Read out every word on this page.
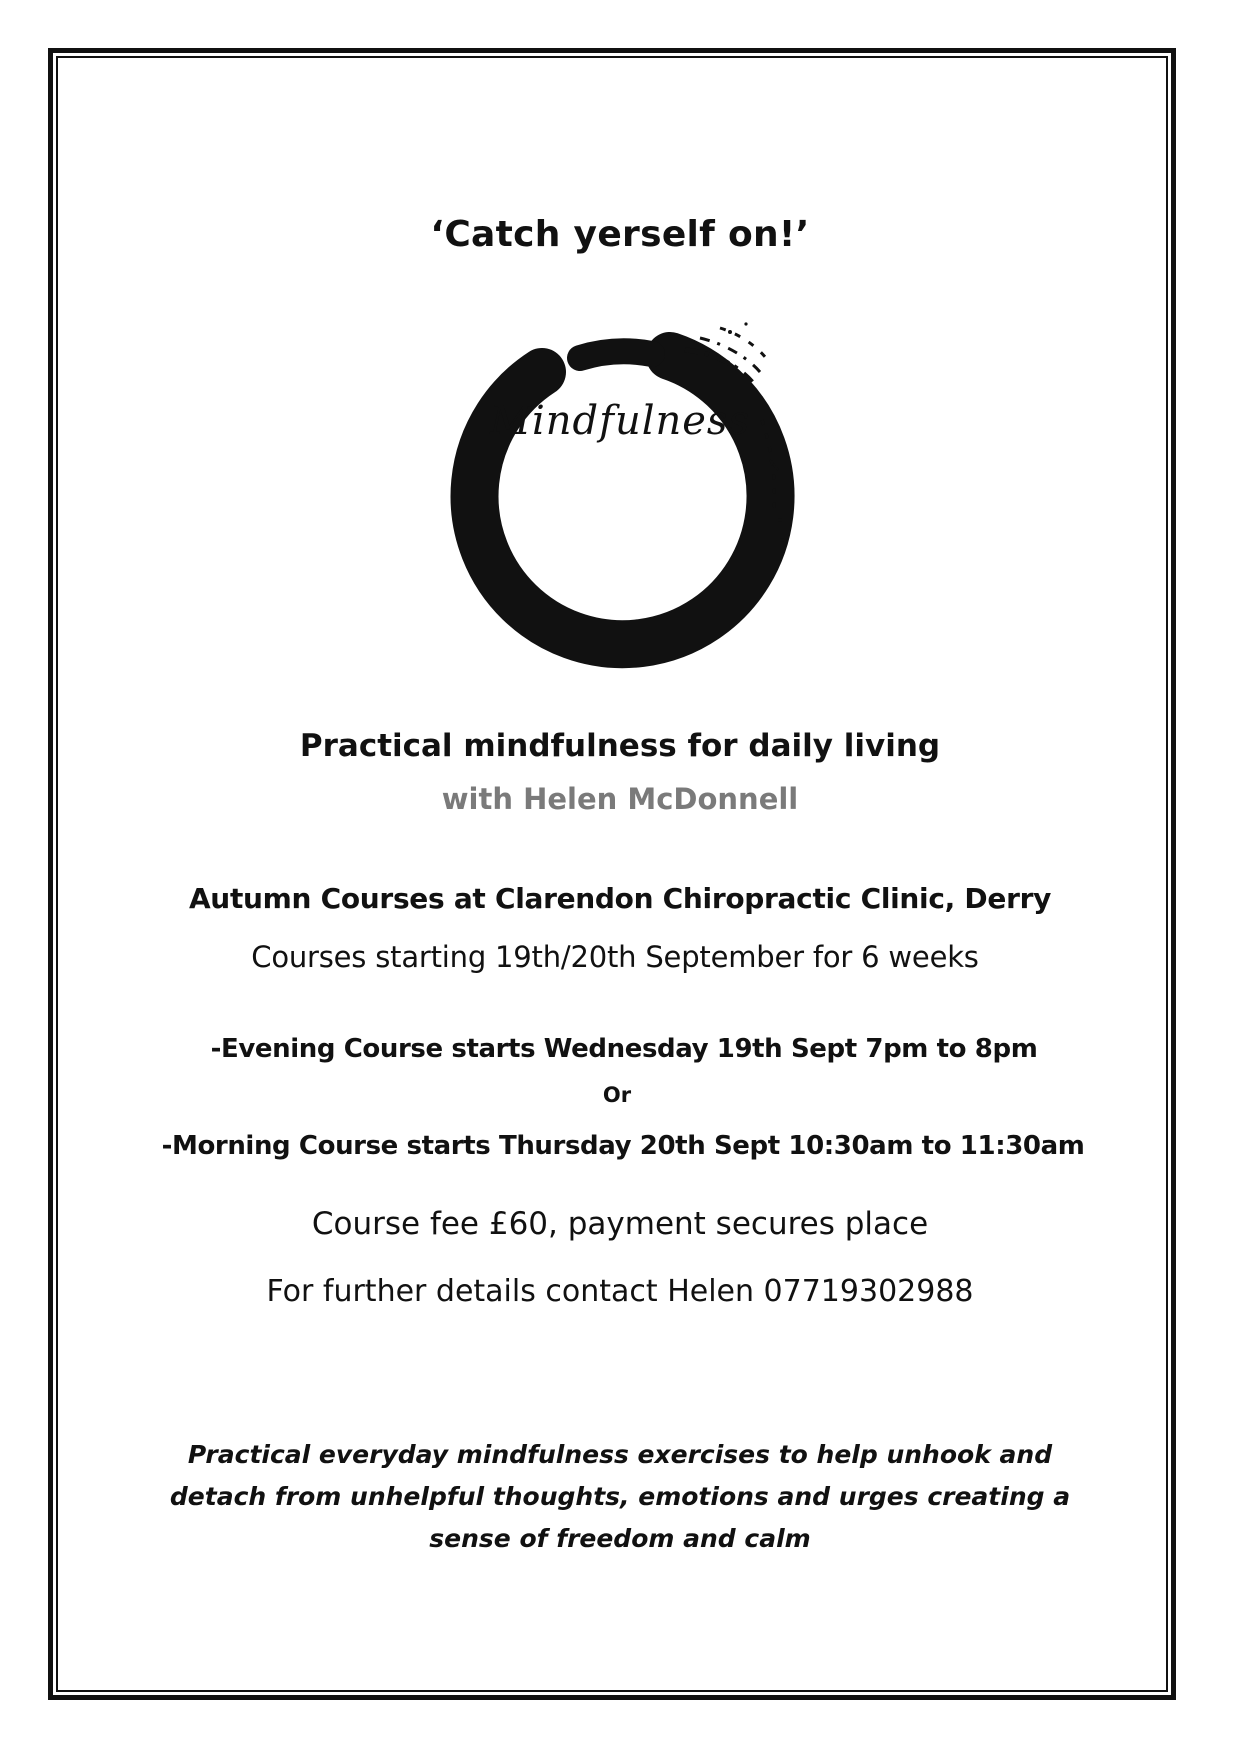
‘Catch yerself on!’
Mindfulness
Practical mindfulness for daily living
with Helen McDonnell
Autumn Courses at Clarendon Chiropractic Clinic, Derry
Courses starting 19th/20th September for 6 weeks
-Evening Course starts Wednesday 19th Sept 7pm to 8pm
Or
-Morning Course starts Thursday 20th Sept 10:30am to 11:30am
Course fee £60, payment secures place
For further details contact Helen 07719302988
Practical everyday mindfulness exercises to help unhook and detach from unhelpful thoughts, emotions and urges creating a sense of freedom and calm
